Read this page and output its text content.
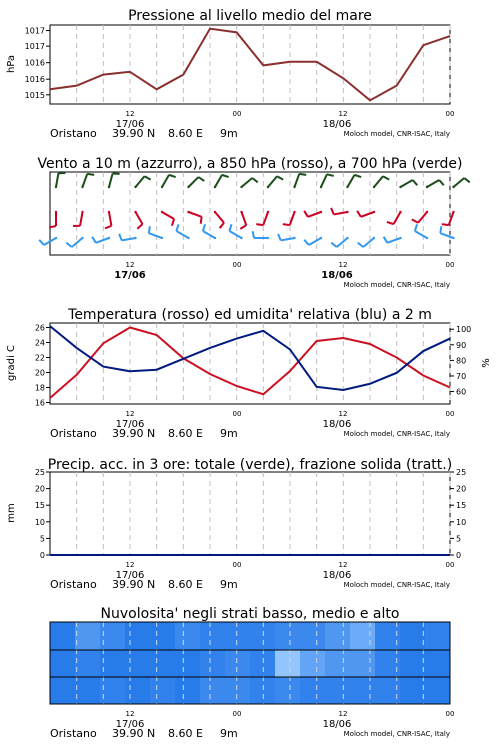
Pressione al livello medio del mare
1015
1016
1016
1017
1017
hPa
Vento a 10 m (azzurro), a 850 hPa (rosso), a 700 hPa (verde)
Temperatura (rosso) ed umidita' relativa (blu) a 2 m
16
18
20
22
24
26
60
70
80
90
100
gradi C	%
Precip. acc. in 3 ore: totale (verde), frazione solida (tratt.)
0
5
10
15
20
25
0
5
10
15
20
25
mm
Nuvolosita' negli strati basso, medio e alto
12	00	12	00
17/06	18/06
Oristano 39.90 N 8.60 E 9m	Moloch model, CNR-ISAC, Italy
12	00	12	00
17/06	18/06
Moloch model, CNR-ISAC, Italy
12	00	12	00
17/06	18/06
Oristano 39.90 N 8.60 E 9m	Moloch model, CNR-ISAC, Italy
12	00	12	00
17/06	18/06
Oristano 39.90 N 8.60 E 9m	Moloch model, CNR-ISAC, Italy
12	00	12	00
17/06	18/06
Oristano 39.90 N 8.60 E 9m	Moloch model, CNR-ISAC, Italy
